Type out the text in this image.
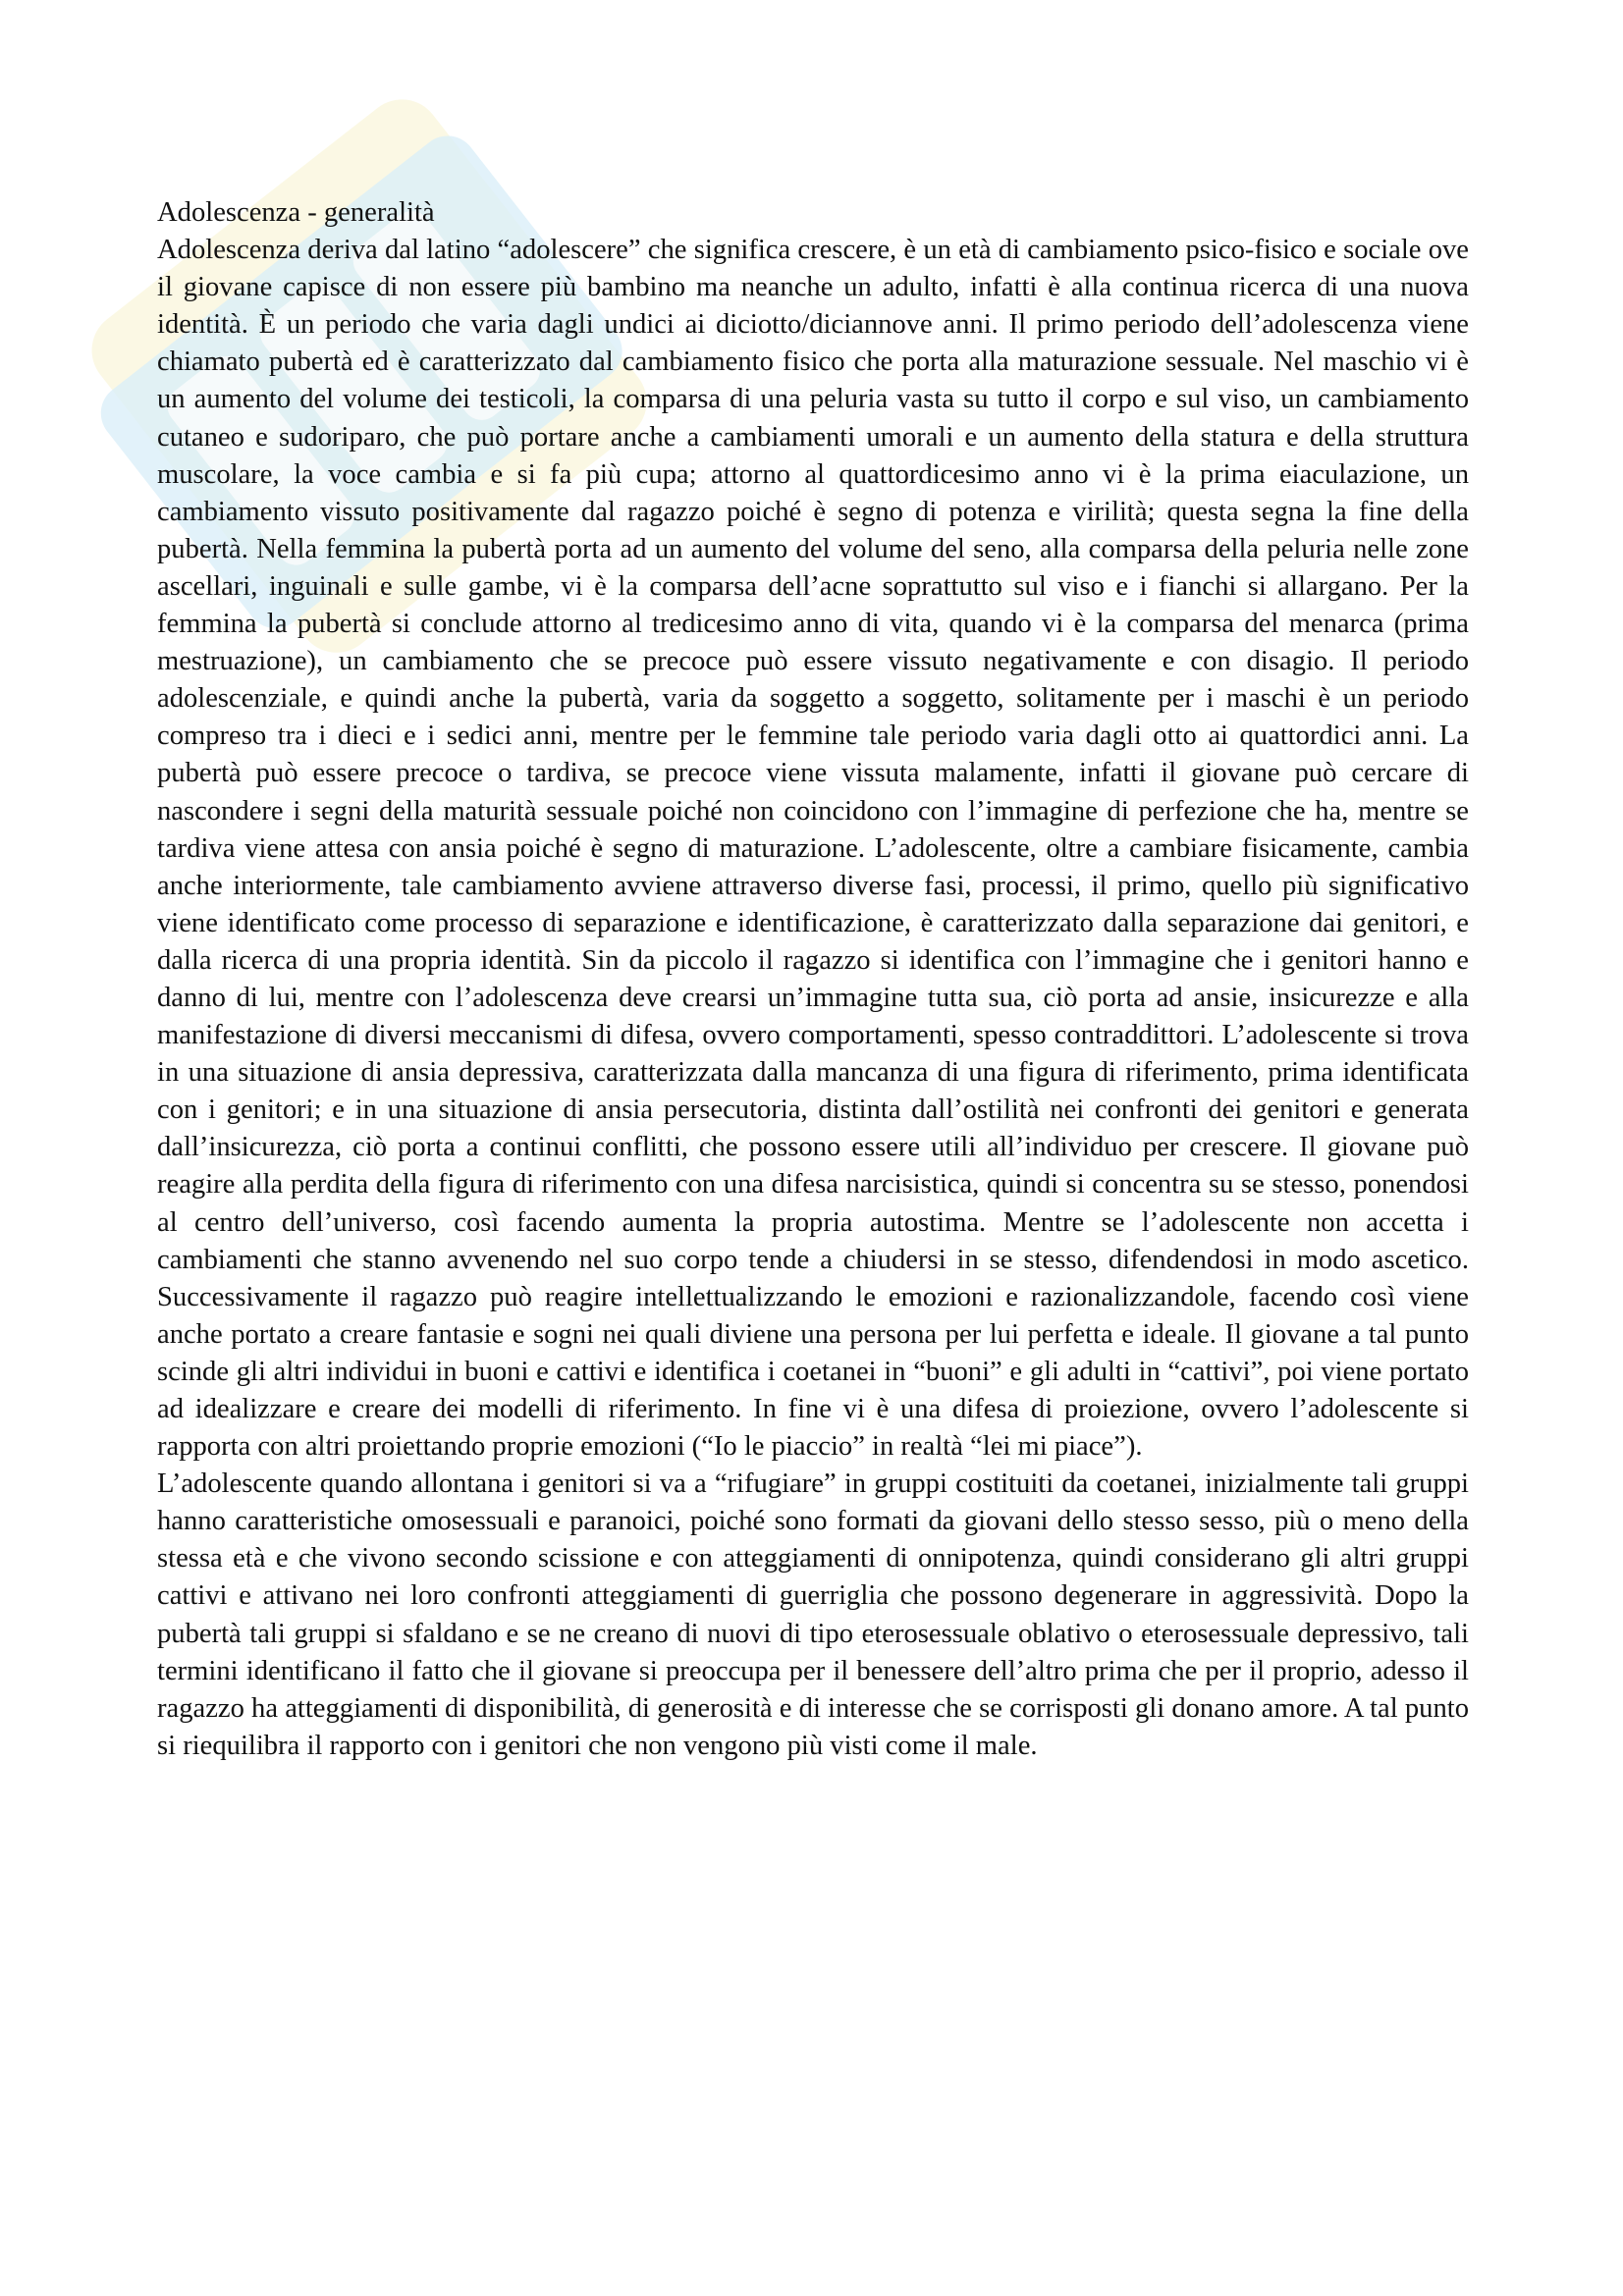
Adolescenza - generalità

Adolescenza deriva dal latino “adolescere” che significa crescere, è un età di cambiamento psico-fisico e sociale ove il giovane capisce di non essere più bambino ma neanche un adulto, infatti è alla continua ricerca di una nuova identità. È un periodo che varia dagli undici ai diciotto/diciannove anni. Il primo periodo dell’adolescenza viene chiamato pubertà ed è caratterizzato dal cambiamento fisico che porta alla maturazione sessuale. Nel maschio vi è un aumento del volume dei testicoli, la comparsa di una peluria vasta su tutto il corpo e sul viso, un cambiamento cutaneo e sudoriparo, che può portare anche a cambiamenti umorali e un aumento della statura e della struttura muscolare, la voce cambia e si fa più cupa; attorno al quattordicesimo anno vi è la prima eiaculazione, un cambiamento vissuto positivamente dal ragazzo poiché è segno di potenza e virilità; questa segna la fine della pubertà. Nella femmina la pubertà porta ad un aumento del volume del seno, alla comparsa della peluria nelle zone ascellari, inguinali e sulle gambe, vi è la comparsa dell’acne soprattutto sul viso e i fianchi si allargano. Per la femmina la pubertà si conclude attorno al tredicesimo anno di vita, quando vi è la comparsa del menarca (prima mestruazione), un cambiamento che se precoce può essere vissuto negativamente e con disagio. Il periodo adolescenziale, e quindi anche la pubertà, varia da soggetto a soggetto, solitamente per i maschi è un periodo compreso tra i dieci e i sedici anni, mentre per le femmine tale periodo varia dagli otto ai quattordici anni. La pubertà può essere precoce o tardiva, se precoce viene vissuta malamente, infatti il giovane può cercare di nascondere i segni della maturità sessuale poiché non coincidono con l’immagine di perfezione che ha, mentre se tardiva viene attesa con ansia poiché è segno di maturazione. L’adolescente, oltre a cambiare fisicamente, cambia anche interiormente, tale cambiamento avviene attraverso diverse fasi, processi, il primo, quello più significativo viene identificato come processo di separazione e identificazione, è caratterizzato dalla separazione dai genitori, e dalla ricerca di una propria identità. Sin da piccolo il ragazzo si identifica con l’immagine che i genitori hanno e danno di lui, mentre con l’adolescenza deve crearsi un’immagine tutta sua, ciò porta ad ansie, insicurezze e alla manifestazione di diversi meccanismi di difesa, ovvero comportamenti, spesso contraddittori. L’adolescente si trova in una situazione di ansia depressiva, caratterizzata dalla mancanza di una figura di riferimento, prima identificata con i genitori; e in una situazione di ansia persecutoria, distinta dall’ostilità nei confronti dei genitori e generata dall’insicurezza, ciò porta a continui conflitti, che possono essere utili all’individuo per crescere. Il giovane può reagire alla perdita della figura di riferimento con una difesa narcisistica, quindi si concentra su se stesso, ponendosi al centro dell’universo, così facendo aumenta la propria autostima. Mentre se l’adolescente non accetta i cambiamenti che stanno avvenendo nel suo corpo tende a chiudersi in se stesso, difendendosi in modo ascetico. Successivamente il ragazzo può reagire intellettualizzando le emozioni e razionalizzandole, facendo così viene anche portato a creare fantasie e sogni nei quali diviene una persona per lui perfetta e ideale. Il giovane a tal punto scinde gli altri individui in buoni e cattivi e identifica i coetanei in “buoni” e gli adulti in “cattivi”, poi viene portato ad idealizzare e creare dei modelli di riferimento. In fine vi è una difesa di proiezione, ovvero l’adolescente si rapporta con altri proiettando proprie emozioni (“Io le piaccio” in realtà “lei mi piace”).

L’adolescente quando allontana i genitori si va a “rifugiare” in gruppi costituiti da coetanei, inizialmente tali gruppi hanno caratteristiche omosessuali e paranoici, poiché sono formati da giovani dello stesso sesso, più o meno della stessa età e che vivono secondo scissione e con atteggiamenti di onnipotenza, quindi considerano gli altri gruppi cattivi e attivano nei loro confronti atteggiamenti di guerriglia che possono degenerare in aggressività. Dopo la pubertà tali gruppi si sfaldano e se ne creano di nuovi di tipo eterosessuale oblativo o eterosessuale depressivo, tali termini identificano il fatto che il giovane si preoccupa per il benessere dell’altro prima che per il proprio, adesso il ragazzo ha atteggiamenti di disponibilità, di generosità e di interesse che se corrisposti gli donano amore. A tal punto si riequilibra il rapporto con i genitori che non vengono più visti come il male.
